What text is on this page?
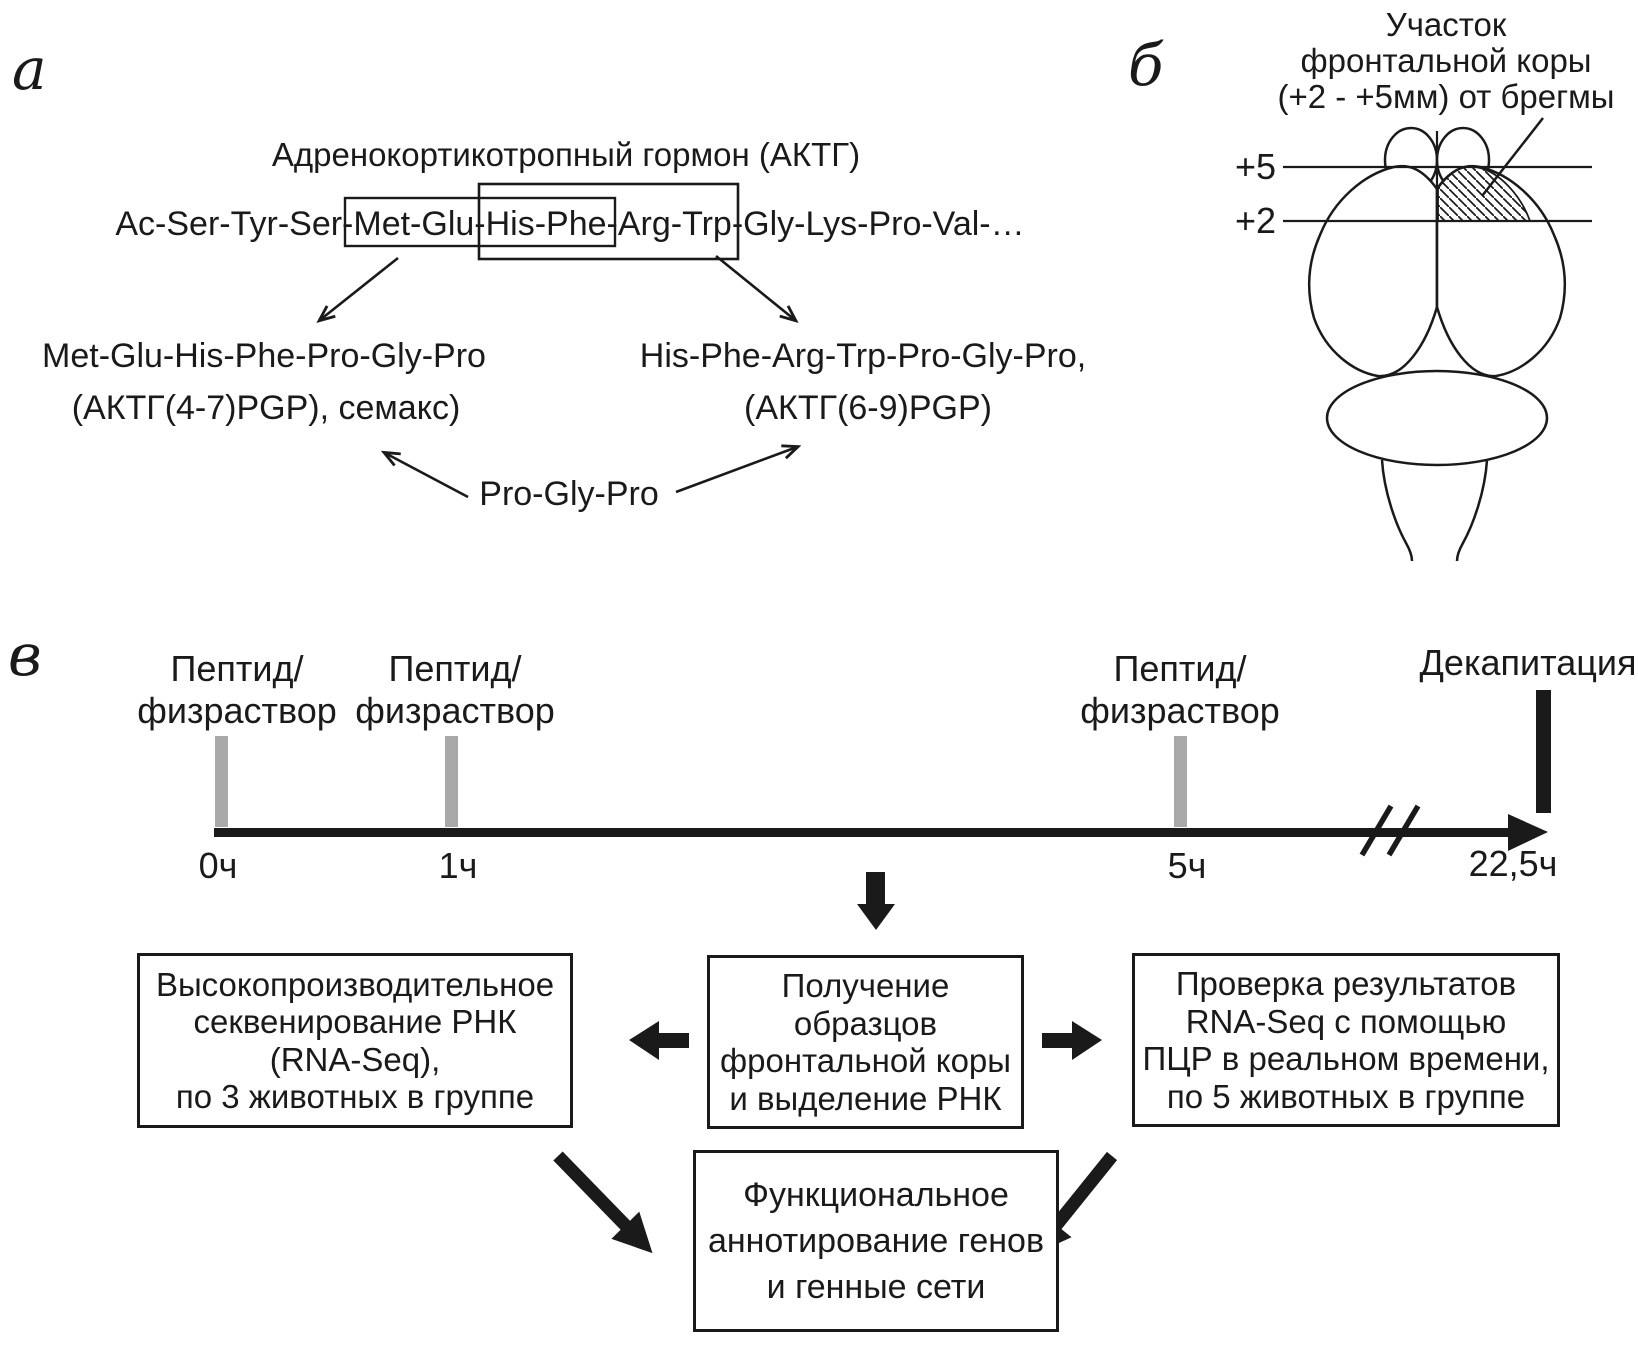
а	б
в
Адренокортикотропный гормон (АКТГ)
Ac-Ser-Tyr-Ser-Met-Glu-His-Phe-Arg-Trp-Gly-Lys-Pro-Val-…
Met-Glu-His-Phe-Pro-Gly-Pro
(АКТГ(4-7)PGP), семакс)
His-Phe-Arg-Trp-Pro-Gly-Pro,
(АКТГ(6-9)PGP)
Pro-Gly-Pro
Участок
фронтальной коры
(+2 - +5мм) от брегмы
+5
+2
Пептид/
физраствор
Пептид/
физраствор
Пептид/
физраствор
Декапитация
0ч	1ч	5ч	22,5ч
Высокопроизводительное
секвенирование РНК
(RNA-Seq),
по 3 животных в группе
Получение
образцов
фронтальной коры
и выделение РНК
Проверка результатов
RNA-Seq с помощью
ПЦР в реальном времени,
по 5 животных в группе
Функциональное
аннотирование генов
и генные сети
